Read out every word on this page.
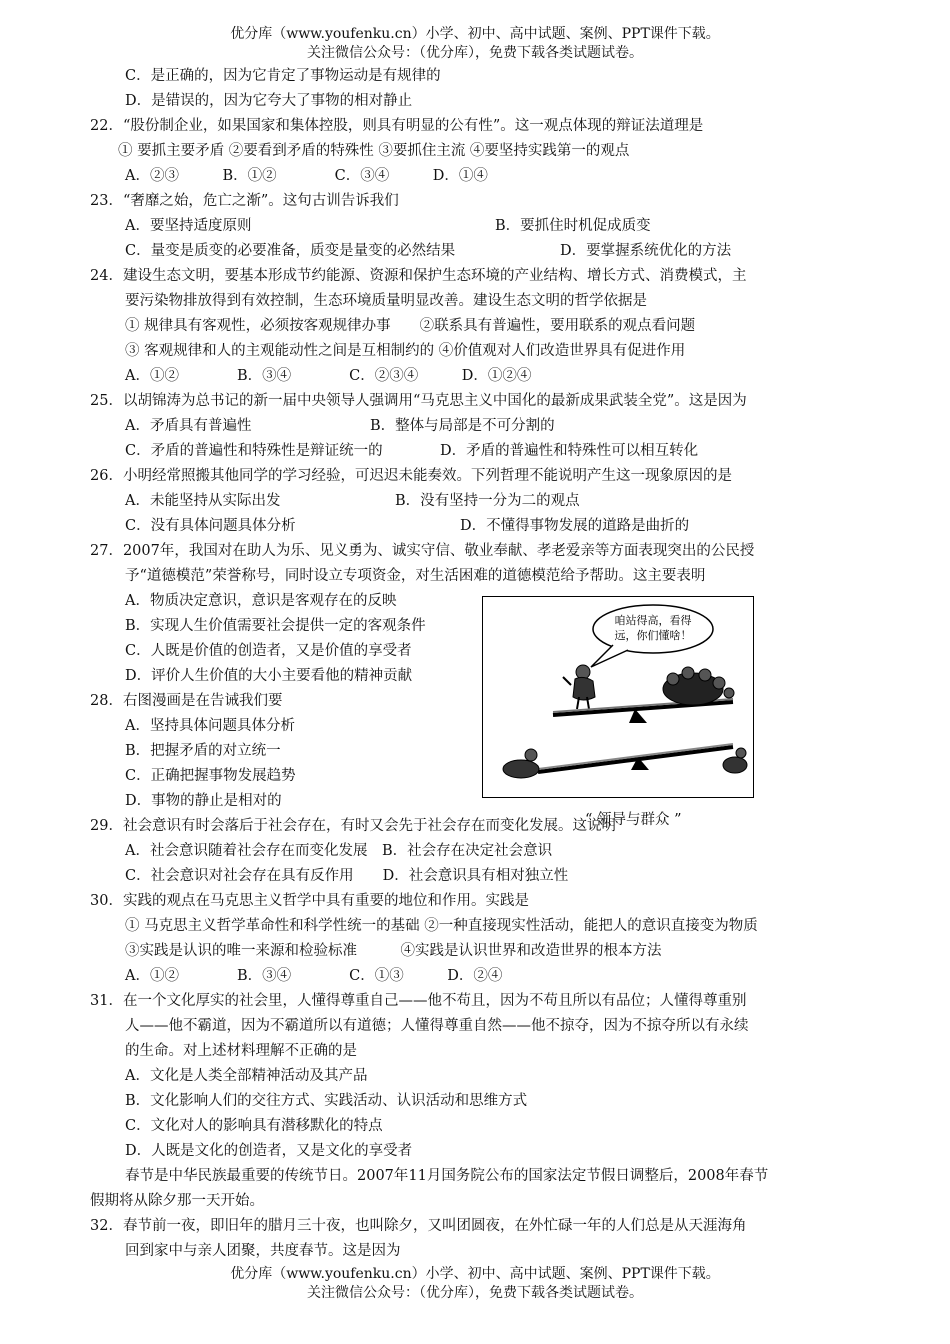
优分库（www.youfenku.cn）小学、初中、高中试题、案例、PPT课件下载。
关注微信公众号：（优分库），免费下载各类试题试卷。
C．是正确的，因为它肯定了事物运动是有规律的
D．是错误的，因为它夸大了事物的相对静止
22．“股份制企业，如果国家和集体控股，则具有明显的公有性”。这一观点体现的辩证法道理是
① 要抓主要矛盾 ②要看到矛盾的特殊性 ③要抓住主流 ④要坚持实践第一的观点
A．②③　　　B．①②　　　　C．③④　　　D．①④
23．“奢靡之始，危亡之渐”。这句古训告诉我们
A．要坚持适度原则	B．要抓住时机促成质变
C．量变是质变的必要准备，质变是量变的必然结果	D．要掌握系统优化的方法
24．建设生态文明，要基本形成节约能源、资源和保护生态环境的产业结构、增长方式、消费模式，主
要污染物排放得到有效控制，生态环境质量明显改善。建设生态文明的哲学依据是
① 规律具有客观性，必须按客观规律办事　　②联系具有普遍性，要用联系的观点看问题
③ 客观规律和人的主观能动性之间是互相制约的 ④价值观对人们改造世界具有促进作用
A．①②　　　　B．③④　　　　C．②③④　　　D．①②④
25．以胡锦涛为总书记的新一届中央领导人强调用“马克思主义中国化的最新成果武装全党”。这是因为
A．矛盾具有普遍性	B．整体与局部是不可分割的
C．矛盾的普遍性和特殊性是辩证统一的	D．矛盾的普遍性和特殊性可以相互转化
26．小明经常照搬其他同学的学习经验，可迟迟未能奏效。下列哲理不能说明产生这一现象原因的是
A．未能坚持从实际出发	B．没有坚持一分为二的观点
C．没有具体问题具体分析	D．不懂得事物发展的道路是曲折的
27．2007年，我国对在助人为乐、见义勇为、诚实守信、敬业奉献、孝老爱亲等方面表现突出的公民授
予“道德模范”荣誉称号，同时设立专项资金，对生活困难的道德模范给予帮助。这主要表明
A．物质决定意识，意识是客观存在的反映
B．实现人生价值需要社会提供一定的客观条件
C．人既是价值的创造者，又是价值的享受者
D．评价人生价值的大小主要看他的精神贡献
28．右图漫画是在告诫我们要
A．坚持具体问题具体分析
B．把握矛盾的对立统一
C．正确把握事物发展趋势
D．事物的静止是相对的
29．社会意识有时会落后于社会存在，有时又会先于社会存在而变化发展。这说明
A．社会意识随着社会存在而变化发展　B．社会存在决定社会意识
C．社会意识对社会存在具有反作用　　D．社会意识具有相对独立性
30．实践的观点在马克思主义哲学中具有重要的地位和作用。实践是
① 马克思主义哲学革命性和科学性统一的基础 ②一种直接现实性活动，能把人的意识直接变为物质
③实践是认识的唯一来源和检验标准　　　④实践是认识世界和改造世界的根本方法
A．①②　　　　B．③④　　　　C．①③　　　D．②④
31．在一个文化厚实的社会里，人懂得尊重自己——他不苟且，因为不苟且所以有品位；人懂得尊重别
人——他不霸道，因为不霸道所以有道德；人懂得尊重自然——他不掠夺，因为不掠夺所以有永续
的生命。对上述材料理解不正确的是
A．文化是人类全部精神活动及其产品
B．文化影响人们的交往方式、实践活动、认识活动和思维方式
C．文化对人的影响具有潜移默化的特点
D．人既是文化的创造者，又是文化的享受者
春节是中华民族最重要的传统节日。2007年11月国务院公布的国家法定节假日调整后，2008年春节
假期将从除夕那一天开始。
32．春节前一夜，即旧年的腊月三十夜，也叫除夕，又叫团圆夜，在外忙碌一年的人们总是从天涯海角
回到家中与亲人团聚，共度春节。这是因为
咱站得高，看得
远，你们懂啥！
“ 领导与群众 ”
优分库（www.youfenku.cn）小学、初中、高中试题、案例、PPT课件下载。
关注微信公众号：（优分库），免费下载各类试题试卷。
